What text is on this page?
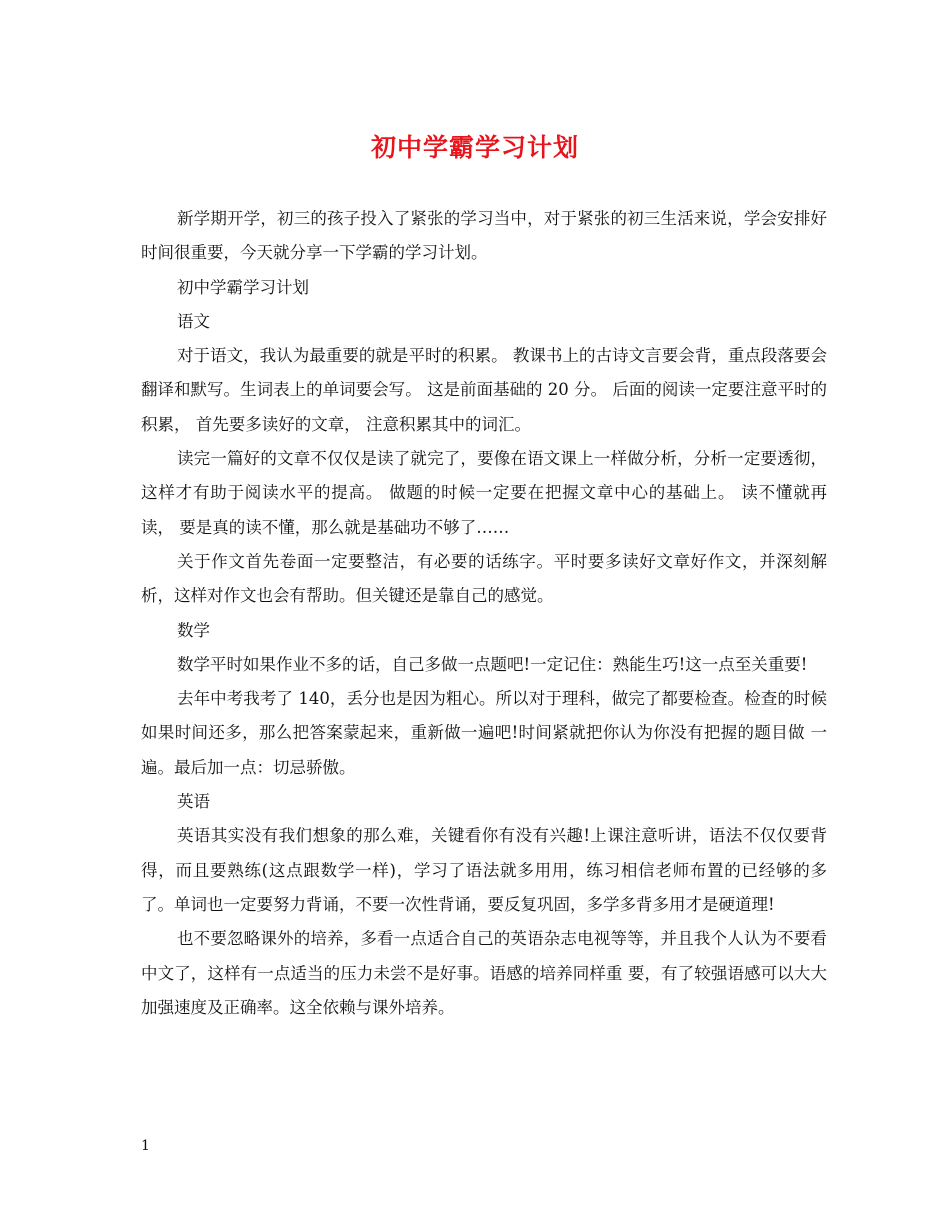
初中学霸学习计划

新学期开学，初三的孩子投入了紧张的学习当中，对于紧张的初三生活来说，学会安排好时间很重要，今天就分享一下学霸的学习计划。

初中学霸学习计划

语文

对于语文，我认为最重要的就是平时的积累。 教课书上的古诗文言要会背，重点段落要会翻译和默写。生词表上的单词要会写。 这是前面基础的 20 分。 后面的阅读一定要注意平时的积累， 首先要多读好的文章， 注意积累其中的词汇。

读完一篇好的文章不仅仅是读了就完了，要像在语文课上一样做分析，分析一定要透彻，这样才有助于阅读水平的提高。 做题的时候一定要在把握文章中心的基础上。 读不懂就再读， 要是真的读不懂，那么就是基础功不够了……

关于作文首先卷面一定要整洁，有必要的话练字。平时要多读好文章好作文，并深刻解析，这样对作文也会有帮助。但关键还是靠自己的感觉。

数学

数学平时如果作业不多的话，自己多做一点题吧!一定记住：熟能生巧!这一点至关重要!

去年中考我考了 140，丢分也是因为粗心。所以对于理科，做完了都要检查。检查的时候如果时间还多，那么把答案蒙起来，重新做一遍吧!时间紧就把你认为你没有把握的题目做 一遍。最后加一点：切忌骄傲。

英语

英语其实没有我们想象的那么难，关键看你有没有兴趣!上课注意听讲，语法不仅仅要背得，而且要熟练(这点跟数学一样)，学习了语法就多用用，练习相信老师布置的已经够的多了。单词也一定要努力背诵，不要一次性背诵，要反复巩固，多学多背多用才是硬道理!

也不要忽略课外的培养，多看一点适合自己的英语杂志电视等等，并且我个人认为不要看中文了，这样有一点适当的压力未尝不是好事。语感的培养同样重 要，有了较强语感可以大大加强速度及正确率。这全依赖与课外培养。

1
